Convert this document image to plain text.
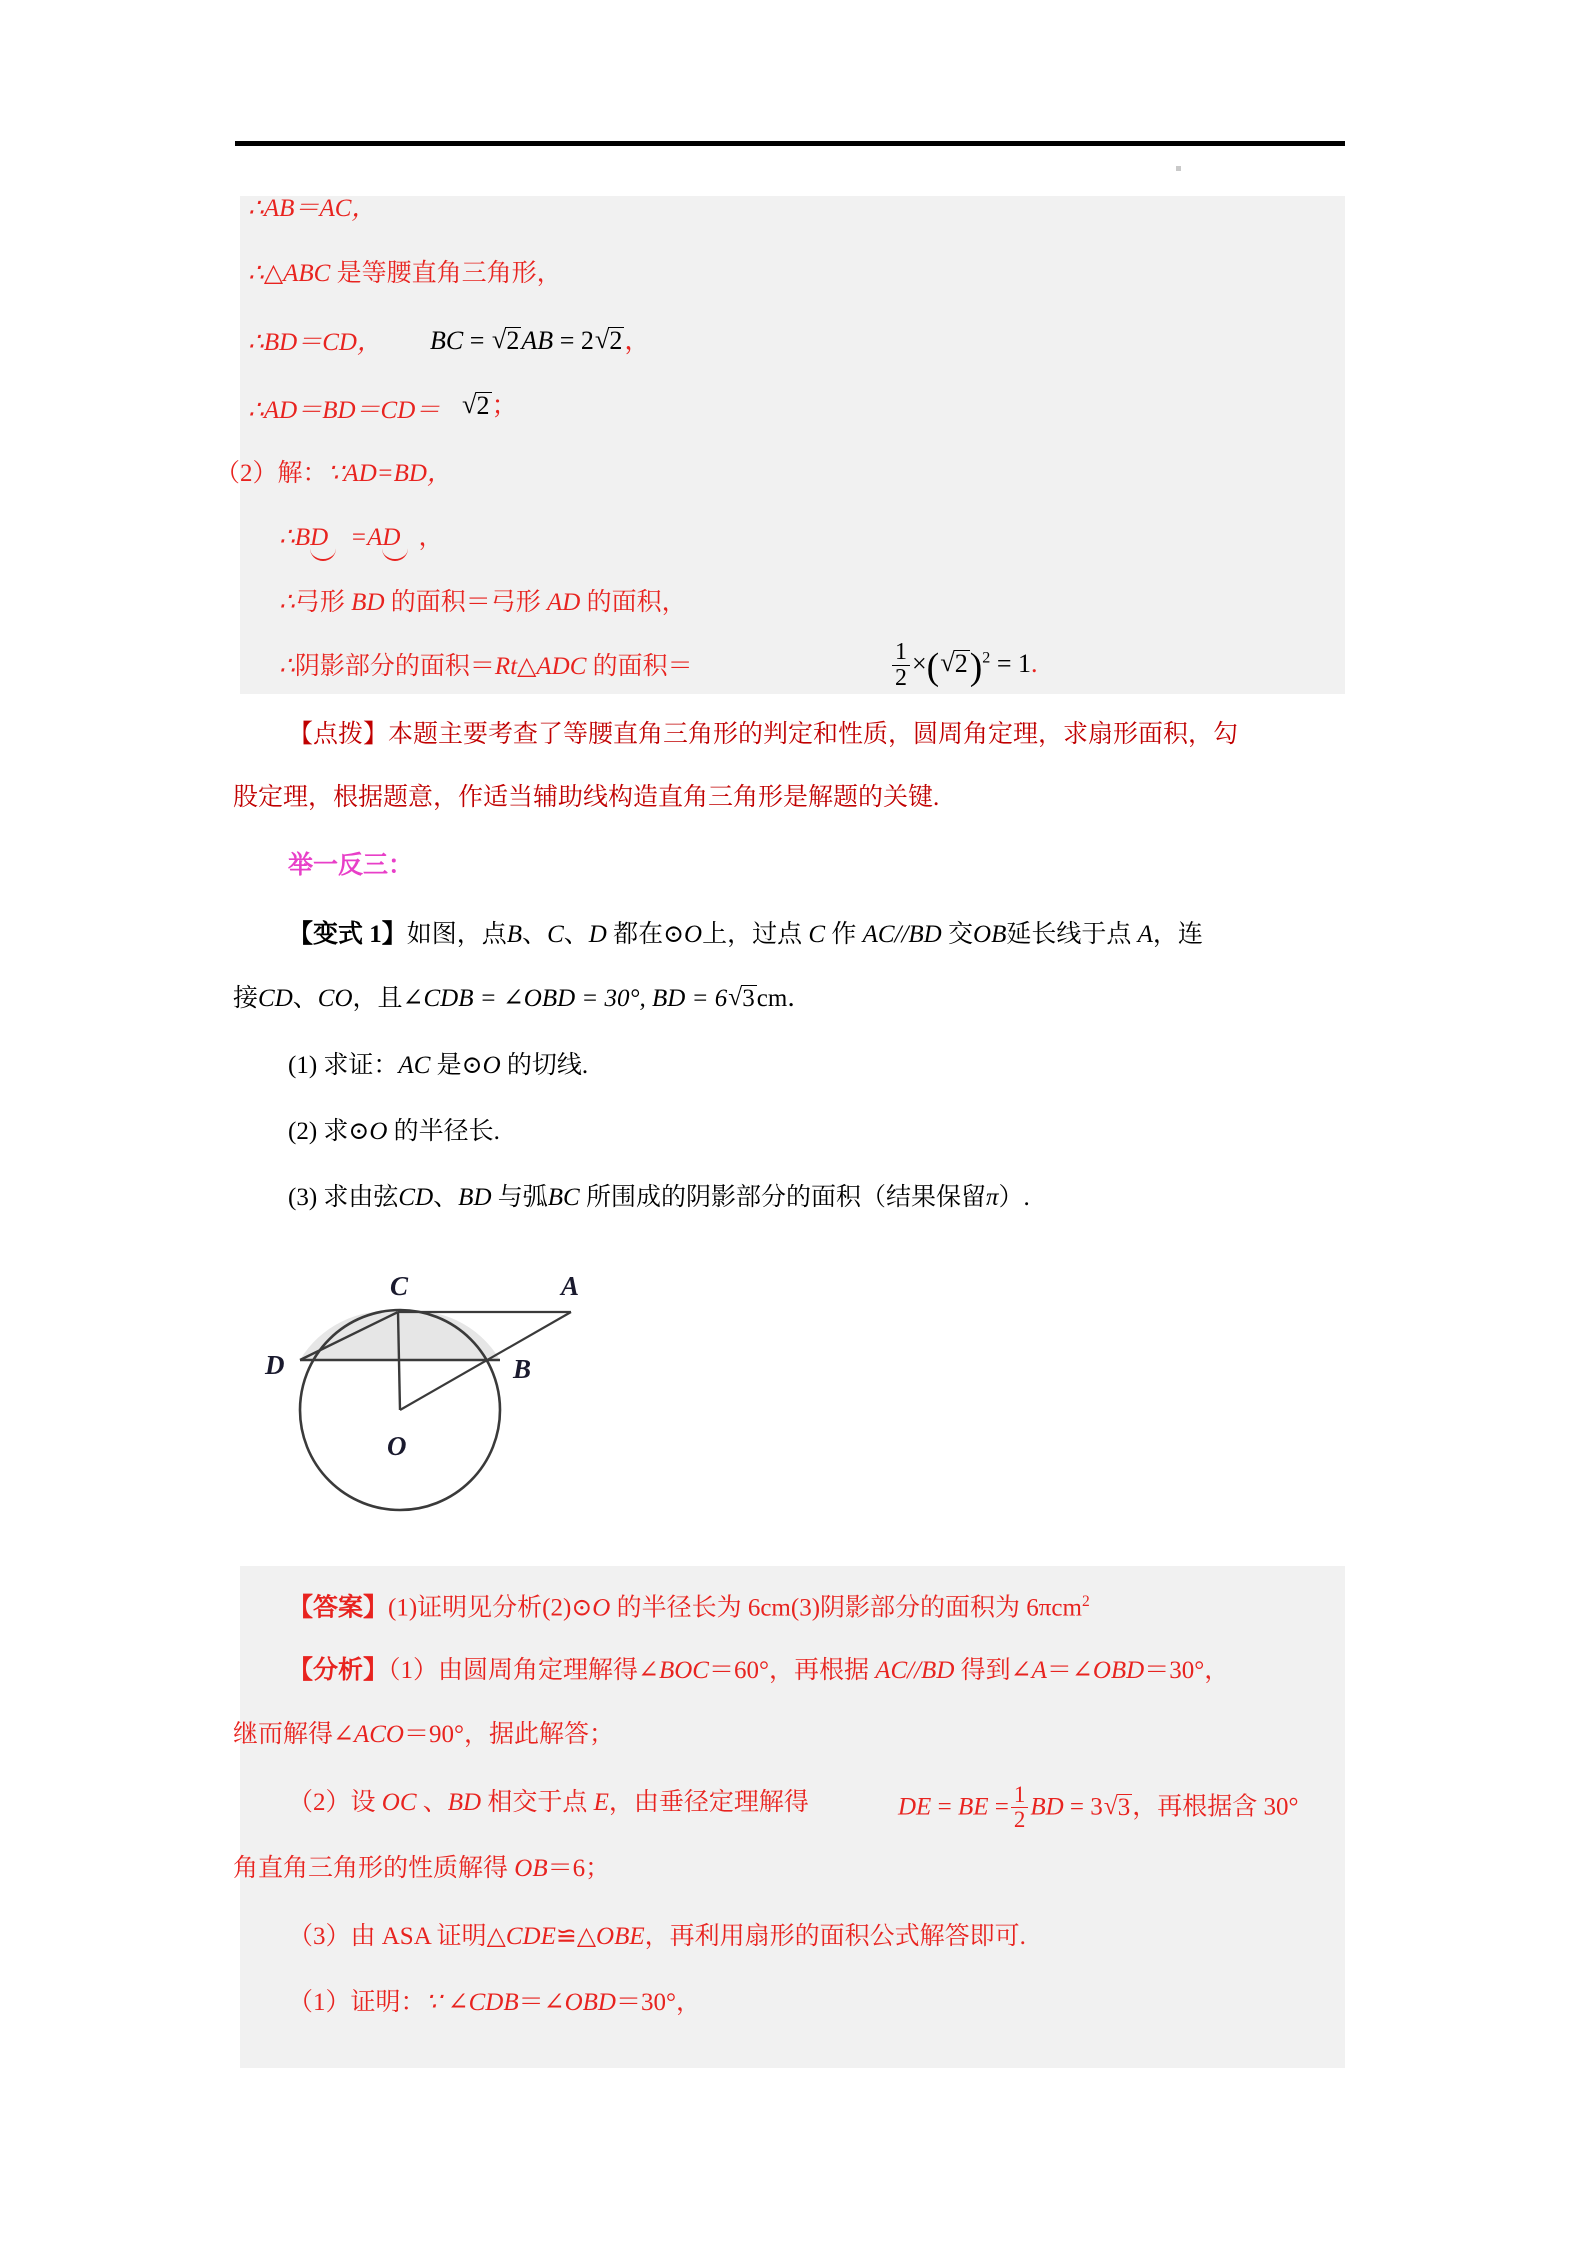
∴AB＝AC，
∴△ABC 是等腰直角三角形，
∴BD＝CD， BC = √ 2AB = 2 √ 2，
∴AD＝BD＝CD＝	√ 2；
（2）解：∵AD=BD，
∴BD =AD ，
∴弓形 BD 的面积＝弓形 AD 的面积，
∴阴影部分的面积＝Rt△ADC 的面积＝	$\frac{1}{2}$ ×( √ 2)$^2$ = 1.
【点拨】本题主要考查了等腰直角三角形的判定和性质，圆周角定理，求扇形面积，勾
股定理，根据题意，作适当辅助线构造直角三角形是解题的关键.
举一反三：
【变式 1】如图，点B、C、D 都在⊙O上，过点 C 作 AC//BD 交OB延长线于点 A，连
接CD、CO，且∠CDB = ∠OBD = 30°, BD = 6 √ 3cm．
(1) 求证：AC 是⊙O 的切线.
(2) 求⊙O 的半径长.
(3) 求由弦CD、BD 与弧BC 所围成的阴影部分的面积（结果保留π）.
C	A
D	B
O
【答案】(1)证明见分析(2)⊙O 的半径长为 6cm(3)阴影部分的面积为 6πcm$^2$
【分析】（1）由圆周角定理解得∠BOC＝60°，再根据 AC//BD 得到∠A＝∠OBD＝30°，
继而解得∠ACO＝90°，据此解答；
（2）设 OC 、BD 相交于点 E，由垂径定理解得	DE = BE = $\frac{1}{2}$ BD = 3 √ 3，再根据含 30°
角直角三角形的性质解得 OB＝6；
（3）由 ASA 证明△CDE≌△OBE，再利用扇形的面积公式解答即可.
（1）证明：∵ ∠CDB＝∠OBD＝30°，
